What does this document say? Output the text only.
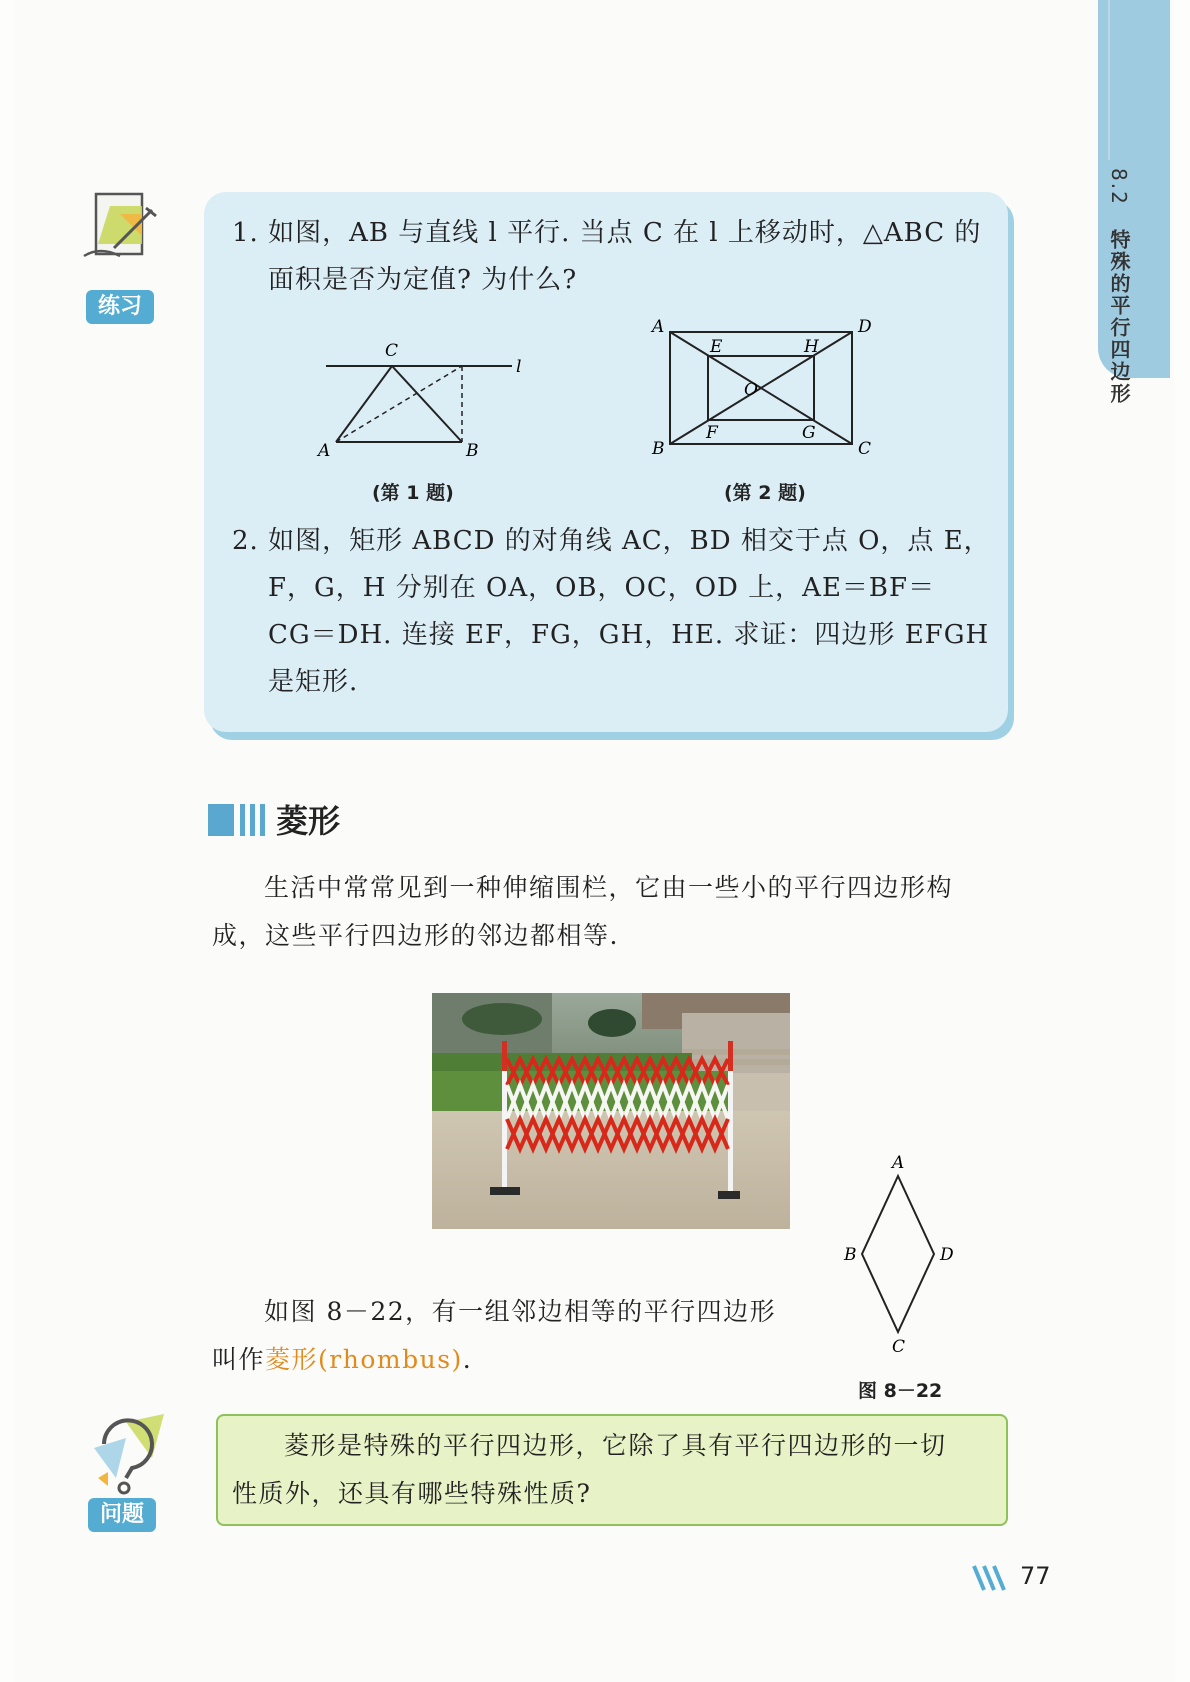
8.2 特殊的平行四边形
练习
1. 如图，AB 与直线 l 平行. 当点 C 在 l 上移动时，△ABC 的
面积是否为定值? 为什么?
C
l
A	B
(第 1 题)
A	D
B	C
E	H
F	G
O
(第 2 题)
2. 如图，矩形 ABCD 的对角线 AC，BD 相交于点 O，点 E，
F，G，H 分别在 OA，OB，OC，OD 上，AE＝BF＝
CG＝DH. 连接 EF，FG，GH，HE. 求证：四边形 EFGH
是矩形.
菱形
生活中常常见到一种伸缩围栏，它由一些小的平行四边形构
成，这些平行四边形的邻边都相等.
A
B	D
C
图 8－22
如图 8－22，有一组邻边相等的平行四边形
叫作菱形(rhombus).
问题
菱形是特殊的平行四边形，它除了具有平行四边形的一切
性质外，还具有哪些特殊性质?
77
